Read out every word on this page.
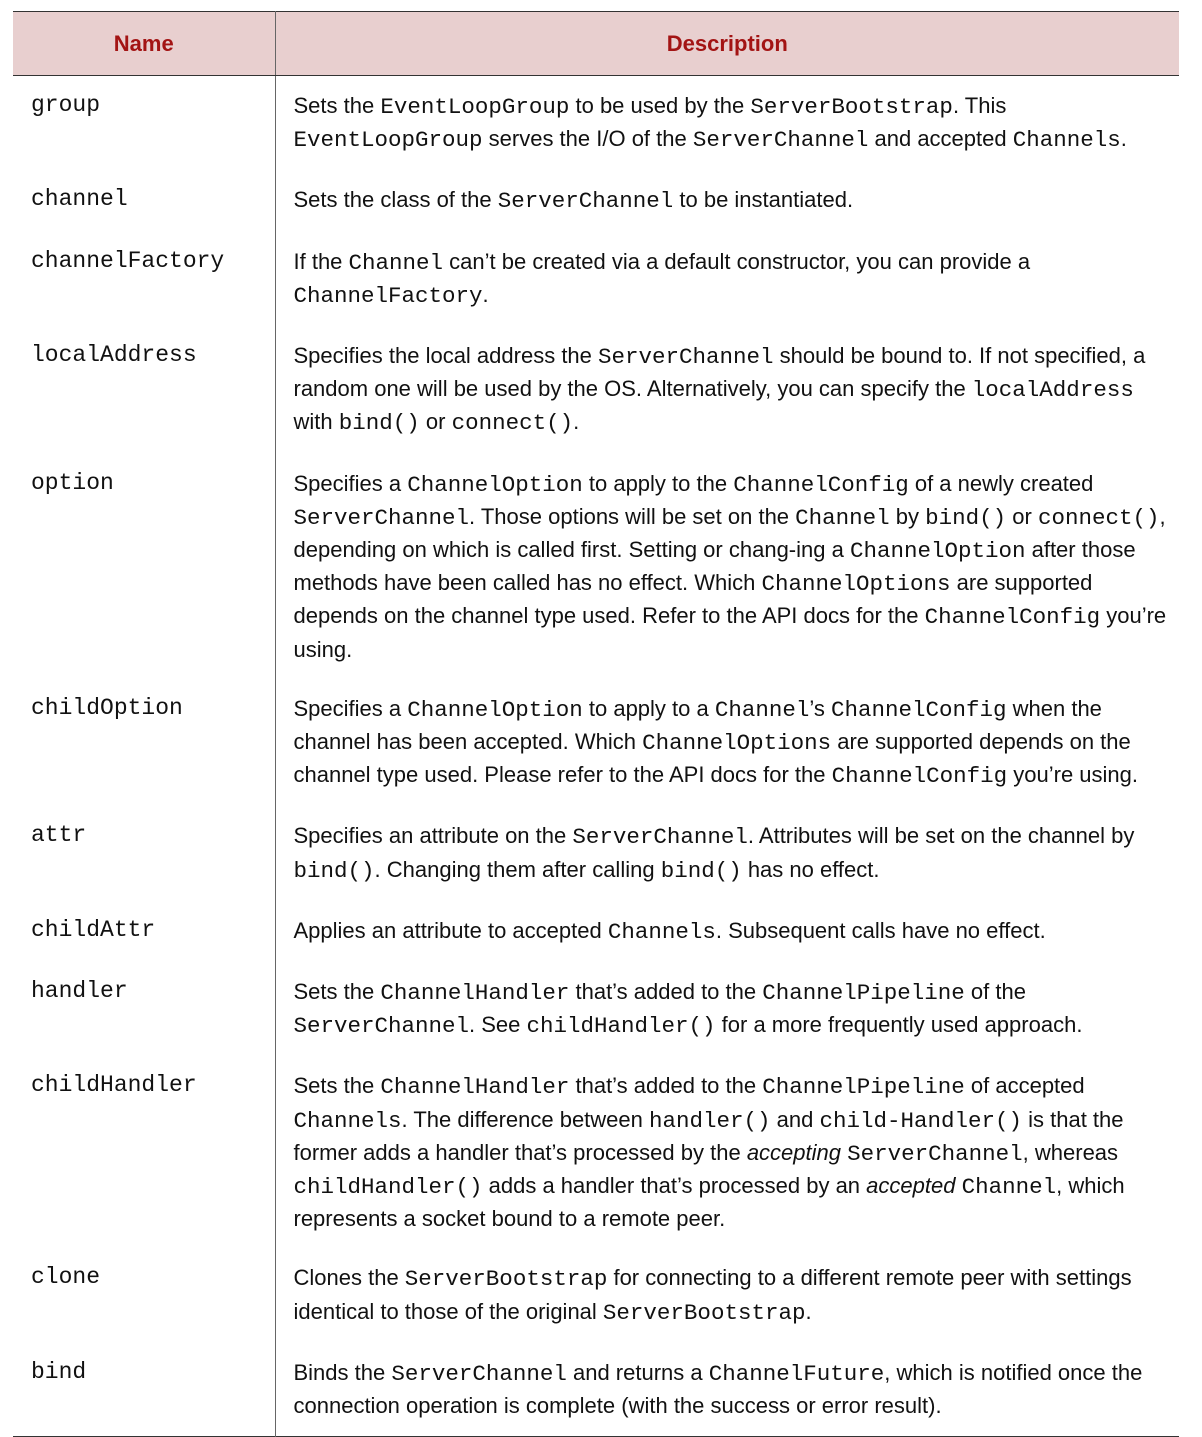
Name	Description
group	Sets the EventLoopGroup to be used by the ServerBootstrap. This EventLoopGroup serves the I/O of the ServerChannel and accepted Channels.
channel	Sets the class of the ServerChannel to be instantiated.
channelFactory	If the Channel can’t be created via a default constructor, you can provide a ChannelFactory.
localAddress	Specifies the local address the ServerChannel should be bound to. If not specified, a random one will be used by the OS. Alternatively, you can specify the localAddress with bind() or connect().
option	Specifies a ChannelOption to apply to the ChannelConfig of a newly created ServerChannel. Those options will be set on the Channel by bind() or connect(), depending on which is called first. Setting or chang-ing a ChannelOption after those methods have been called has no effect. Which ChannelOptions are supported depends on the channel type used. Refer to the API docs for the ChannelConfig you’re using.
childOption	Specifies a ChannelOption to apply to a Channel’s ChannelConfig when the channel has been accepted. Which ChannelOptions are supported depends on the channel type used. Please refer to the API docs for the ChannelConfig you’re using.
attr	Specifies an attribute on the ServerChannel. Attributes will be set on the channel by bind(). Changing them after calling bind() has no effect.
childAttr	Applies an attribute to accepted Channels. Subsequent calls have no effect.
handler	Sets the ChannelHandler that’s added to the ChannelPipeline of the ServerChannel. See childHandler() for a more frequently used approach.
childHandler	Sets the ChannelHandler that’s added to the ChannelPipeline of accepted Channels. The difference between handler() and child-Handler() is that the former adds a handler that’s processed by the accepting ServerChannel, whereas childHandler() adds a handler that’s processed by an accepted Channel, which represents a socket bound to a remote peer.
clone	Clones the ServerBootstrap for connecting to a different remote peer with settings identical to those of the original ServerBootstrap.
bind	Binds the ServerChannel and returns a ChannelFuture, which is notified once the connection operation is complete (with the success or error result).
